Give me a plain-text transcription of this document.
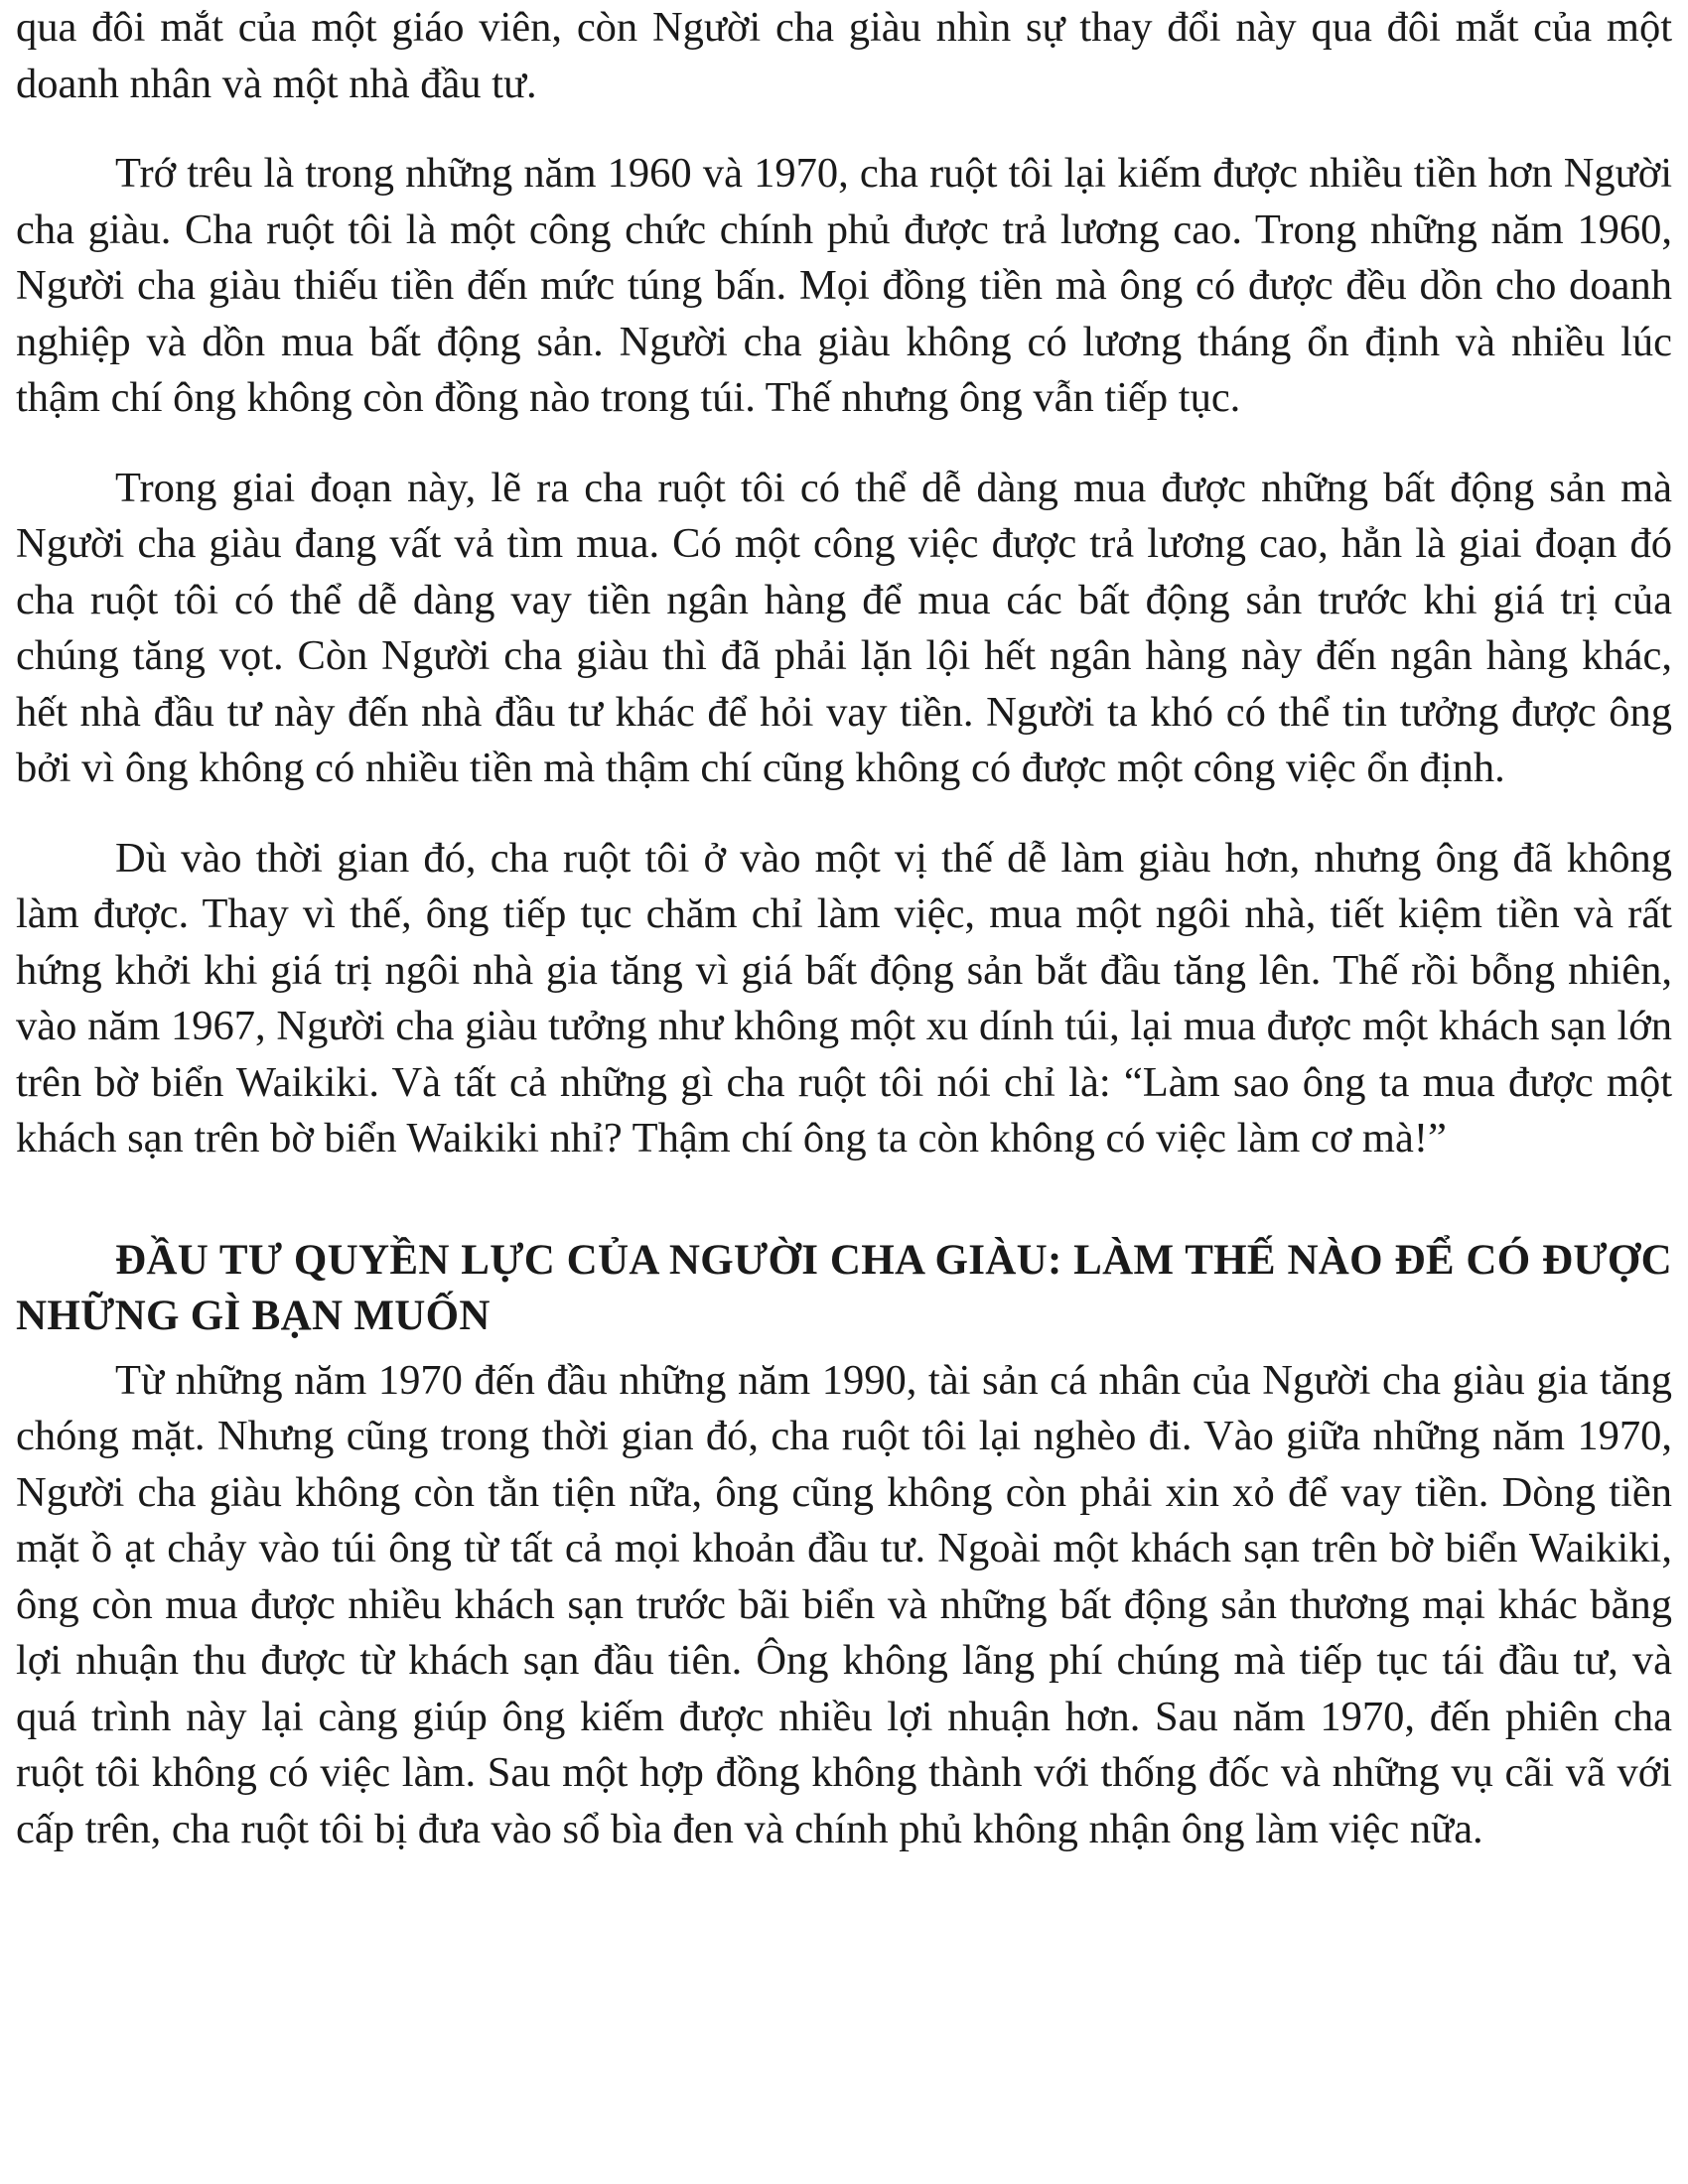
qua đôi mắt của một giáo viên, còn Người cha giàu nhìn sự thay đổi này qua đôi mắt của một doanh nhân và một nhà đầu tư.

Trớ trêu là trong những năm 1960 và 1970, cha ruột tôi lại kiếm được nhiều tiền hơn Người cha giàu. Cha ruột tôi là một công chức chính phủ được trả lương cao. Trong những năm 1960, Người cha giàu thiếu tiền đến mức túng bấn. Mọi đồng tiền mà ông có được đều dồn cho doanh nghiệp và dồn mua bất động sản. Người cha giàu không có lương tháng ổn định và nhiều lúc thậm chí ông không còn đồng nào trong túi. Thế nhưng ông vẫn tiếp tục.

Trong giai đoạn này, lẽ ra cha ruột tôi có thể dễ dàng mua được những bất động sản mà Người cha giàu đang vất vả tìm mua. Có một công việc được trả lương cao, hẳn là giai đoạn đó cha ruột tôi có thể dễ dàng vay tiền ngân hàng để mua các bất động sản trước khi giá trị của chúng tăng vọt. Còn Người cha giàu thì đã phải lặn lội hết ngân hàng này đến ngân hàng khác, hết nhà đầu tư này đến nhà đầu tư khác để hỏi vay tiền. Người ta khó có thể tin tưởng được ông bởi vì ông không có nhiều tiền mà thậm chí cũng không có được một công việc ổn định.

Dù vào thời gian đó, cha ruột tôi ở vào một vị thế dễ làm giàu hơn, nhưng ông đã không làm được. Thay vì thế, ông tiếp tục chăm chỉ làm việc, mua một ngôi nhà, tiết kiệm tiền và rất hứng khởi khi giá trị ngôi nhà gia tăng vì giá bất động sản bắt đầu tăng lên. Thế rồi bỗng nhiên, vào năm 1967, Người cha giàu tưởng như không một xu dính túi, lại mua được một khách sạn lớn trên bờ biển Waikiki. Và tất cả những gì cha ruột tôi nói chỉ là: “Làm sao ông ta mua được một khách sạn trên bờ biển Waikiki nhỉ? Thậm chí ông ta còn không có việc làm cơ mà!”

ĐẦU TƯ QUYỀN LỰC CỦA NGƯỜI CHA GIÀU: LÀM THẾ NÀO ĐỂ CÓ ĐƯỢC NHỮNG GÌ BẠN MUỐN

Từ những năm 1970 đến đầu những năm 1990, tài sản cá nhân của Người cha giàu gia tăng chóng mặt. Nhưng cũng trong thời gian đó, cha ruột tôi lại nghèo đi. Vào giữa những năm 1970, Người cha giàu không còn tằn tiện nữa, ông cũng không còn phải xin xỏ để vay tiền. Dòng tiền mặt ồ ạt chảy vào túi ông từ tất cả mọi khoản đầu tư. Ngoài một khách sạn trên bờ biển Waikiki, ông còn mua được nhiều khách sạn trước bãi biển và những bất động sản thương mại khác bằng lợi nhuận thu được từ khách sạn đầu tiên. Ông không lãng phí chúng mà tiếp tục tái đầu tư, và quá trình này lại càng giúp ông kiếm được nhiều lợi nhuận hơn. Sau năm 1970, đến phiên cha ruột tôi không có việc làm. Sau một hợp đồng không thành với thống đốc và những vụ cãi vã với cấp trên, cha ruột tôi bị đưa vào sổ bìa đen và chính phủ không nhận ông làm việc nữa.
